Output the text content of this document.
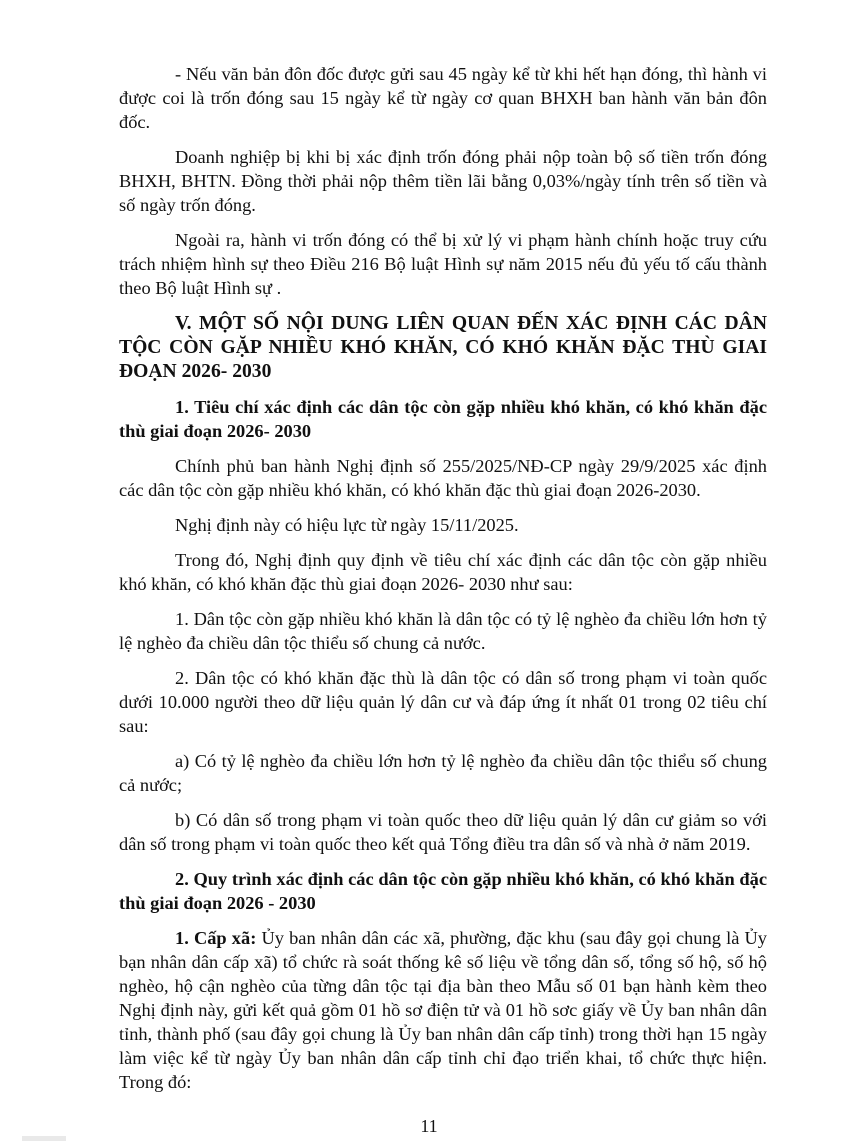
- Nếu văn bản đôn đốc được gửi sau 45 ngày kể từ khi hết hạn đóng, thì hành vi được coi là trốn đóng sau 15 ngày kể từ ngày cơ quan BHXH ban hành văn bản đôn đốc.

Doanh nghiệp bị khi bị xác định trốn đóng phải nộp toàn bộ số tiền trốn đóng BHXH, BHTN. Đồng thời phải nộp thêm tiền lãi bằng 0,03%/ngày tính trên số tiền và số ngày trốn đóng.

Ngoài ra, hành vi trốn đóng có thể bị xử lý vi phạm hành chính hoặc truy cứu trách nhiệm hình sự theo Điều 216 Bộ luật Hình sự năm 2015 nếu đủ yếu tố cấu thành theo Bộ luật Hình sự .

V. MỘT SỐ NỘI DUNG LIÊN QUAN ĐẾN XÁC ĐỊNH CÁC DÂN TỘC CÒN GẶP NHIỀU KHÓ KHĂN, CÓ KHÓ KHĂN ĐẶC THÙ GIAI ĐOẠN 2026- 2030

1. Tiêu chí xác định các dân tộc còn gặp nhiều khó khăn, có khó khăn đặc thù giai đoạn 2026- 2030

Chính phủ ban hành Nghị định số 255/2025/NĐ-CP ngày 29/9/2025 xác định các dân tộc còn gặp nhiều khó khăn, có khó khăn đặc thù giai đoạn 2026-2030.

Nghị định này có hiệu lực từ ngày 15/11/2025.

Trong đó, Nghị định quy định về tiêu chí xác định các dân tộc còn gặp nhiều khó khăn, có khó khăn đặc thù giai đoạn 2026- 2030 như sau:

1. Dân tộc còn gặp nhiều khó khăn là dân tộc có tỷ lệ nghèo đa chiều lớn hơn tỷ lệ nghèo đa chiều dân tộc thiểu số chung cả nước.

2. Dân tộc có khó khăn đặc thù là dân tộc có dân số trong phạm vi toàn quốc dưới 10.000 người theo dữ liệu quản lý dân cư và đáp ứng ít nhất 01 trong 02 tiêu chí sau:

a) Có tỷ lệ nghèo đa chiều lớn hơn tỷ lệ nghèo đa chiều dân tộc thiểu số chung cả nước;

b) Có dân số trong phạm vi toàn quốc theo dữ liệu quản lý dân cư giảm so với dân số trong phạm vi toàn quốc theo kết quả Tổng điều tra dân số và nhà ở năm 2019.

2. Quy trình xác định các dân tộc còn gặp nhiều khó khăn, có khó khăn đặc thù giai đoạn 2026 - 2030

1. Cấp xã: Ủy ban nhân dân các xã, phường, đặc khu (sau đây gọi chung là Ủy bạn nhân dân cấp xã) tổ chức rà soát thống kê số liệu về tổng dân số, tổng số hộ, số hộ nghèo, hộ cận nghèo của từng dân tộc tại địa bàn theo Mẫu số 01 bạn hành kèm theo Nghị định này, gửi kết quả gồm 01 hồ sơ điện tử và 01 hồ sơc giấy về Ủy ban nhân dân tỉnh, thành phố (sau đây gọi chung là Ủy ban nhân dân cấp tỉnh) trong thời hạn 15 ngày làm việc kể từ ngày Ủy ban nhân dân cấp tỉnh chỉ đạo triển khai, tổ chức thực hiện. Trong đó:

11
